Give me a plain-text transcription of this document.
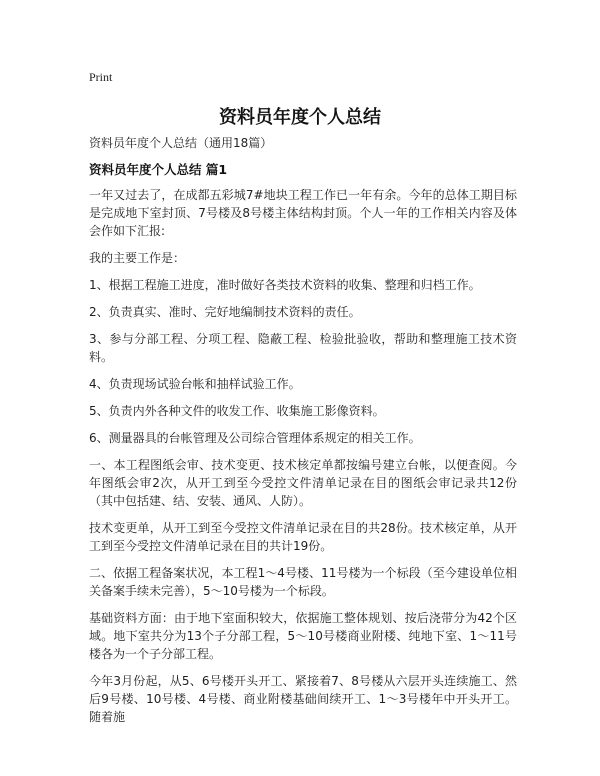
Print
资料员年度个人总结
资料员年度个人总结（通用18篇）
资料员年度个人总结 篇1

一年又过去了，在成都五彩城7#地块工程工作已一年有余。今年的总体工期目标是完成地下室封顶、7号楼及8号楼主体结构封顶。个人一年的工作相关内容及体会作如下汇报:

我的主要工作是：

1、根据工程施工进度，准时做好各类技术资料的收集、整理和归档工作。

2、负责真实、准时、完好地编制技术资料的责任。

3、参与分部工程、分项工程、隐蔽工程、检验批验收，帮助和整理施工技术资料。

4、负责现场试验台帐和抽样试验工作。

5、负责内外各种文件的收发工作、收集施工影像资料。

6、测量器具的台帐管理及公司综合管理体系规定的相关工作。

一、本工程图纸会审、技术变更、技术核定单都按编号建立台帐，以便查阅。今年图纸会审2次，从开工到至今受控文件清单记录在目的图纸会审记录共12份（其中包括建、结、安装、通风、人防）。

技术变更单，从开工到至今受控文件清单记录在目的共28份。技术核定单，从开工到至今受控文件清单记录在目的共计19份。

二、依据工程备案状况，本工程1～4号楼、11号楼为一个标段（至今建设单位相关备案手续未完善），5～10号楼为一个标段。

基础资料方面：由于地下室面积较大，依据施工整体规划、按后浇带分为42个区域。地下室共分为13个子分部工程，5～10号楼商业附楼、纯地下室、1～11号楼各为一个子分部工程。

今年3月份起，从5、6号楼开头开工、紧接着7、8号楼从六层开头连续施工、然后9号楼、10号楼、4号楼、商业附楼基础间续开工、1～3号楼年中开头开工。随着施
